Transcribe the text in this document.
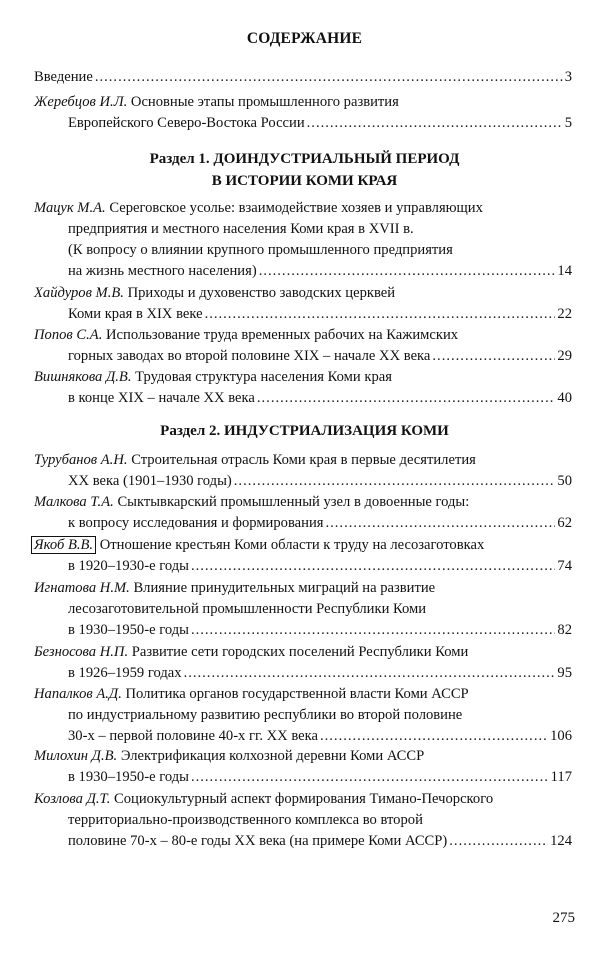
СОДЕРЖАНИЕ
Введение .....	3
Жеребцов И.Л. Основные этапы промышленного развития
Европейского Северо-Востока России .....	5
Раздел 1. ДОИНДУСТРИАЛЬНЫЙ ПЕРИОД
В ИСТОРИИ КОМИ КРАЯ
Мацук М.А. Сереговское усолье: взаимодействие хозяев и управляющих
предприятия и местного населения Коми края в XVII в.
(К вопросу о влиянии крупного промышленного предприятия
на жизнь местного населения) .....	14
Хайдуров М.В. Приходы и духовенство заводских церквей
Коми края в XIX веке .....	22
Попов С.А. Использование труда временных рабочих на Кажимских
горных заводах во второй половине XIX – начале XX века .....	29
Вишнякова Д.В. Трудовая структура населения Коми края
в конце XIX – начале XX века .....	40
Раздел 2. ИНДУСТРИАЛИЗАЦИЯ КОМИ
Турубанов А.Н. Строительная отрасль Коми края в первые десятилетия
XX века (1901–1930 годы) .....	50
Малкова Т.А. Сыктывкарский промышленный узел в довоенные годы:
к вопросу исследования и формирования .....	62
Якоб В.В. Отношение крестьян Коми области к труду на лесозаготовках
в 1920–1930-е годы .....	74
Игнатова Н.М. Влияние принудительных миграций на развитие
лесозаготовительной промышленности Республики Коми
в 1930–1950-е годы .....	82
Безносова Н.П. Развитие сети городских поселений Республики Коми
в 1926–1959 годах .....	95
Напалков А.Д. Политика органов государственной власти Коми АССР
по индустриальному развитию республики во второй половине
30-х – первой половине 40-х гг. XX века .....	106
Милохин Д.В. Электрификация колхозной деревни Коми АССР
в 1930–1950-е годы .....	117
Козлова Д.Т. Социокультурный аспект формирования Тимано-Печорского
территориально-производственного комплекса во второй
половине 70-х – 80-е годы XX века (на примере Коми АССР) .....	124
275
